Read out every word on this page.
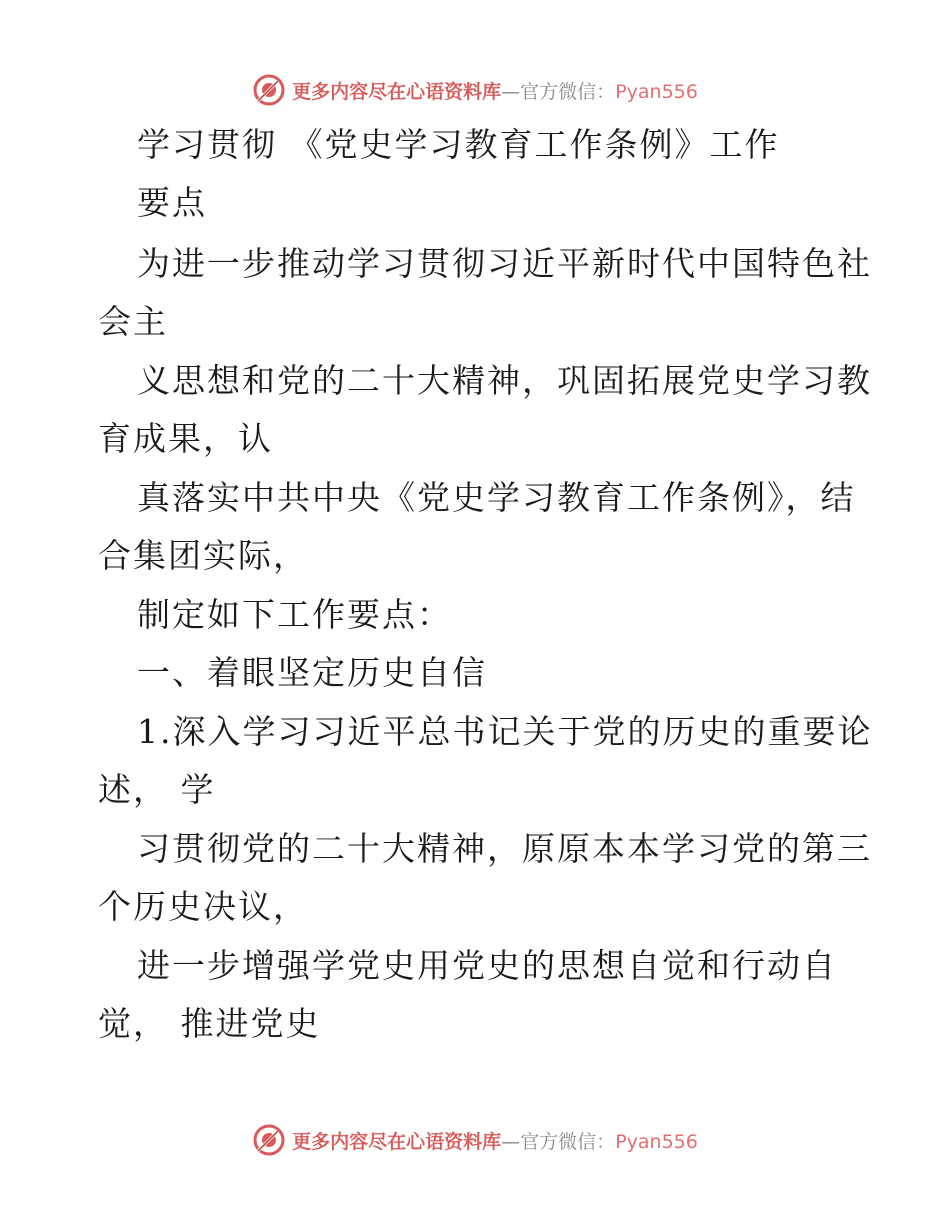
更多内容尽在心语资料库—官方微信：Pyan556
学习贯彻 《党史学习教育工作条例》工作
要点
为进一步推动学习贯彻习近平新时代中国特色社
会主
义思想和党的二十大精神，巩固拓展党史学习教
育成果，认
真落实中共中央《党史学习教育工作条例》，结
合集团实际，
制定如下工作要点：
一、着眼坚定历史自信
1.深入学习习近平总书记关于党的历史的重要论
述， 学
习贯彻党的二十大精神，原原本本学习党的第三
个历史决议，
进一步增强学党史用党史的思想自觉和行动自
觉， 推进党史
更多内容尽在心语资料库—官方微信：Pyan556
